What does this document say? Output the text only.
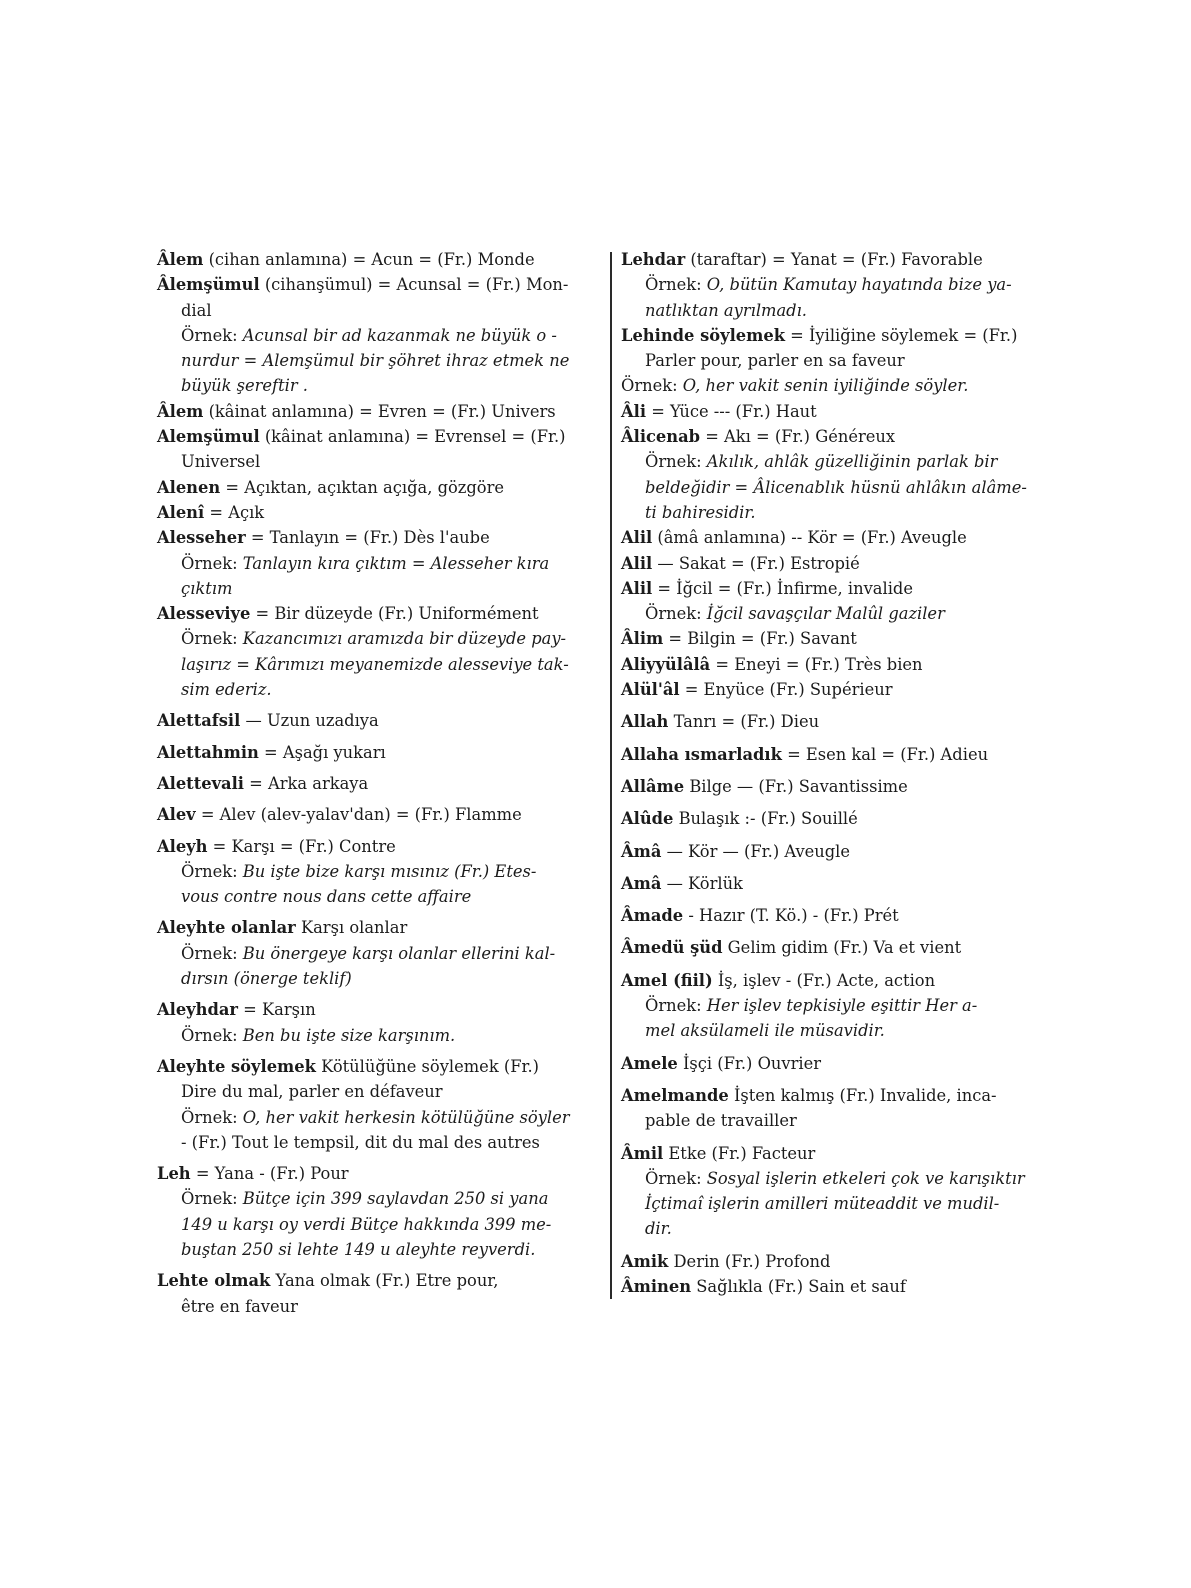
Âlem (cihan anlamına) = Acun = (Fr.) Monde
Âlemşümul (cihanşümul) = Acunsal = (Fr.) Mon-
dial
Örnek: Acunsal bir ad kazanmak ne büyük o -
nurdur = Alemşümul bir şöhret ihraz etmek ne
büyük şereftir .
Âlem (kâinat anlamına) = Evren = (Fr.) Univers
Alemşümul (kâinat anlamına) = Evrensel = (Fr.)
Universel
Alenen = Açıktan, açıktan açığa, gözgöre
Alenî = Açık
Alesseher = Tanlayın = (Fr.) Dès l'aube
Örnek: Tanlayın kıra çıktım = Alesseher kıra
çıktım
Alesseviye = Bir düzeyde (Fr.) Uniformément
Örnek: Kazancımızı aramızda bir düzeyde pay-
laşırız = Kârımızı meyanemizde alesseviye tak-
sim ederiz.
Alettafsil — Uzun uzadıya
Alettahmin = Aşağı yukarı
Alettevali = Arka arkaya
Alev = Alev (alev-yalav'dan) = (Fr.) Flamme
Aleyh = Karşı = (Fr.) Contre
Örnek: Bu işte bize karşı mısınız (Fr.) Etes-
vous contre nous dans cette affaire
Aleyhte olanlar Karşı olanlar
Örnek: Bu önergeye karşı olanlar ellerini kal-
dırsın (önerge teklif)
Aleyhdar = Karşın
Örnek: Ben bu işte size karşınım.
Aleyhte söylemek Kötülüğüne söylemek (Fr.)
Dire du mal, parler en défaveur
Örnek: O, her vakit herkesin kötülüğüne söyler
- (Fr.) Tout le tempsil, dit du mal des autres
Leh = Yana - (Fr.) Pour
Örnek: Bütçe için 399 saylavdan 250 si yana
149 u karşı oy verdi Bütçe hakkında 399 me-
buştan 250 si lehte 149 u aleyhte reyverdi.
Lehte olmak Yana olmak (Fr.) Etre pour,
être en faveur
Lehdar (taraftar) = Yanat = (Fr.) Favorable
Örnek: O, bütün Kamutay hayatında bize ya-
natlıktan ayrılmadı.
Lehinde söylemek = İyiliğine söylemek = (Fr.)
Parler pour, parler en sa faveur
Örnek: O, her vakit senin iyiliğinde söyler.
Âli = Yüce --- (Fr.) Haut
Âlicenab = Akı = (Fr.) Généreux
Örnek: Akılık, ahlâk güzelliğinin parlak bir
beldeğidir = Âlicenablık hüsnü ahlâkın alâme-
ti bahiresidir.
Alil (âmâ anlamına) -- Kör = (Fr.) Aveugle
Alil — Sakat = (Fr.) Estropié
Alil = İğcil = (Fr.) İnfirme, invalide
Örnek: İğcil savaşçılar Malûl gaziler
Âlim = Bilgin = (Fr.) Savant
Aliyyülâlâ = Eneyi = (Fr.) Très bien
Alül'âl = Enyüce (Fr.) Supérieur
Allah Tanrı = (Fr.) Dieu
Allaha ısmarladık = Esen kal = (Fr.) Adieu
Allâme Bilge — (Fr.) Savantissime
Alûde Bulaşık :- (Fr.) Souillé
Âmâ — Kör — (Fr.) Aveugle
Amâ — Körlük
Âmade - Hazır (T. Kö.) - (Fr.) Prét
Âmedü şüd Gelim gidim (Fr.) Va et vient
Amel (fiil) İş, işlev - (Fr.) Acte, action
Örnek: Her işlev tepkisiyle eşittir Her a-
mel aksülameli ile müsavidir.
Amele İşçi (Fr.) Ouvrier
Amelmande İşten kalmış (Fr.) Invalide, inca-
pable de travailler
Âmil Etke (Fr.) Facteur
Örnek: Sosyal işlerin etkeleri çok ve karışıktır
İçtimaî işlerin amilleri müteaddit ve mudil-
dir.
Amik Derin (Fr.) Profond
Âminen Sağlıkla (Fr.) Sain et sauf
